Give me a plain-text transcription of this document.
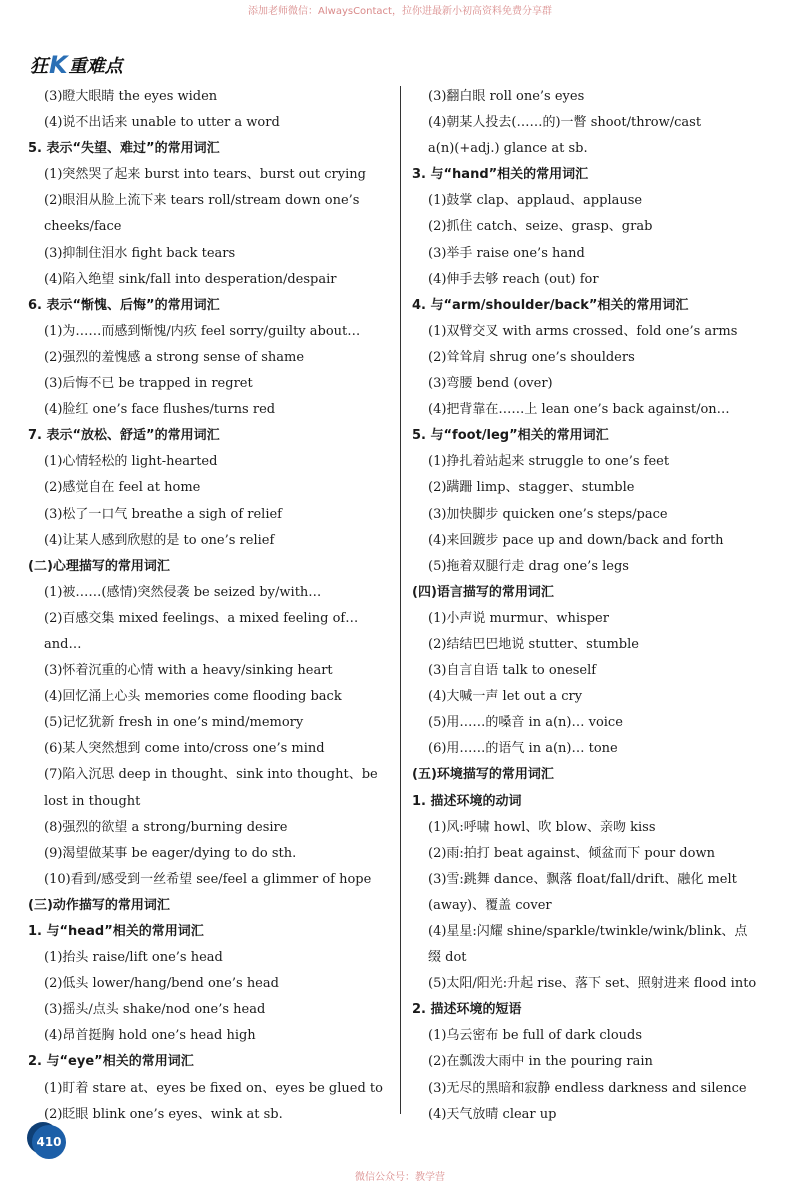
添加老师微信：AlwaysContact，拉你进最新小初高资料免费分享群
狂 K 重难点
(3)瞪大眼睛 the eyes widen
(4)说不出话来 unable to utter a word
5. 表示“失望、难过”的常用词汇
(1)突然哭了起来 burst into tears、burst out crying
(2)眼泪从脸上流下来 tears roll/stream down one’s
cheeks/face
(3)抑制住泪水 fight back tears
(4)陷入绝望 sink/fall into desperation/despair
6. 表示“惭愧、后悔”的常用词汇
(1)为……而感到惭愧/内疚 feel sorry/guilty about…
(2)强烈的羞愧感 a strong sense of shame
(3)后悔不已 be trapped in regret
(4)脸红 one’s face flushes/turns red
7. 表示“放松、舒适”的常用词汇
(1)心情轻松的 light-hearted
(2)感觉自在 feel at home
(3)松了一口气 breathe a sigh of relief
(4)让某人感到欣慰的是 to one’s relief
(二)心理描写的常用词汇
(1)被……(感情)突然侵袭 be seized by/with…
(2)百感交集 mixed feelings、a mixed feeling of…
and…
(3)怀着沉重的心情 with a heavy/sinking heart
(4)回忆涌上心头 memories come flooding back
(5)记忆犹新 fresh in one’s mind/memory
(6)某人突然想到 come into/cross one’s mind
(7)陷入沉思 deep in thought、sink into thought、be
lost in thought
(8)强烈的欲望 a strong/burning desire
(9)渴望做某事 be eager/dying to do sth.
(10)看到/感受到一丝希望 see/feel a glimmer of hope
(三)动作描写的常用词汇
1. 与“head”相关的常用词汇
(1)抬头 raise/lift one’s head
(2)低头 lower/hang/bend one’s head
(3)摇头/点头 shake/nod one’s head
(4)昂首挺胸 hold one’s head high
2. 与“eye”相关的常用词汇
(1)盯着 stare at、eyes be fixed on、eyes be glued to
(2)眨眼 blink one’s eyes、wink at sb.
(3)翻白眼 roll one’s eyes
(4)朝某人投去(……的)一瞥 shoot/throw/cast
a(n)(+adj.) glance at sb.
3. 与“hand”相关的常用词汇
(1)鼓掌 clap、applaud、applause
(2)抓住 catch、seize、grasp、grab
(3)举手 raise one’s hand
(4)伸手去够 reach (out) for
4. 与“arm/shoulder/back”相关的常用词汇
(1)双臂交叉 with arms crossed、fold one’s arms
(2)耸耸肩 shrug one’s shoulders
(3)弯腰 bend (over)
(4)把背靠在……上 lean one’s back against/on…
5. 与“foot/leg”相关的常用词汇
(1)挣扎着站起来 struggle to one’s feet
(2)蹒跚 limp、stagger、stumble
(3)加快脚步 quicken one’s steps/pace
(4)来回踱步 pace up and down/back and forth
(5)拖着双腿行走 drag one’s legs
(四)语言描写的常用词汇
(1)小声说 murmur、whisper
(2)结结巴巴地说 stutter、stumble
(3)自言自语 talk to oneself
(4)大喊一声 let out a cry
(5)用……的嗓音 in a(n)… voice
(6)用……的语气 in a(n)… tone
(五)环境描写的常用词汇
1. 描述环境的动词
(1)风:呼啸 howl、吹 blow、亲吻 kiss
(2)雨:拍打 beat against、倾盆而下 pour down
(3)雪:跳舞 dance、飘落 float/fall/drift、融化 melt
(away)、覆盖 cover
(4)星星:闪耀 shine/sparkle/twinkle/wink/blink、点
缀 dot
(5)太阳/阳光:升起 rise、落下 set、照射进来 flood into
2. 描述环境的短语
(1)乌云密布 be full of dark clouds
(2)在瓢泼大雨中 in the pouring rain
(3)无尽的黑暗和寂静 endless darkness and silence
(4)天气放晴 clear up
410
微信公众号：教学营
